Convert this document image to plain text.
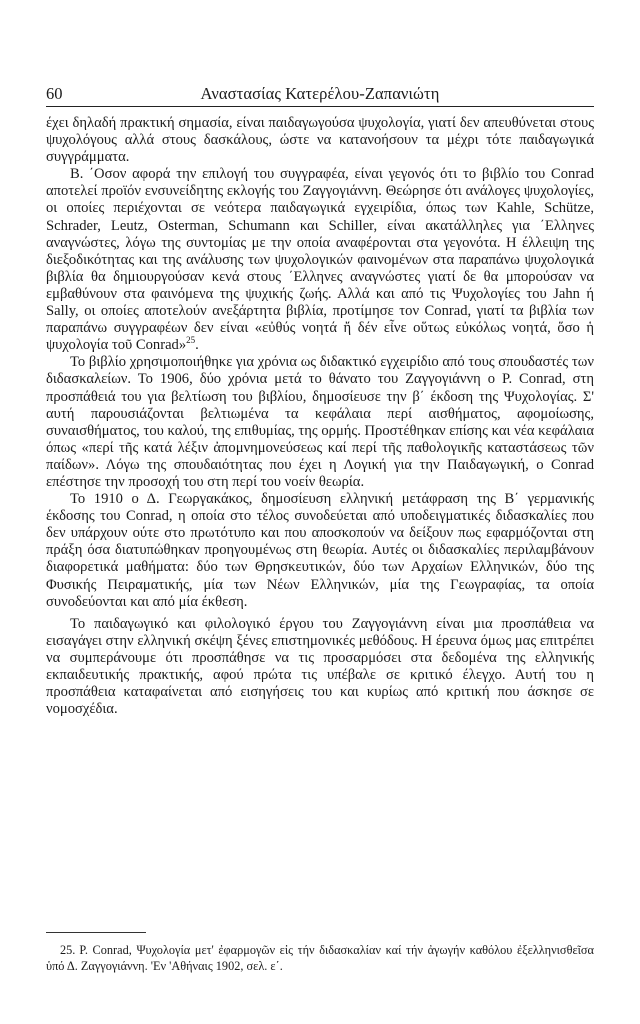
60	Αναστασίας Κατερέλου-Ζαπανιώτη

έχει δηλαδή πρακτική σημασία, είναι παιδαγωγούσα ψυχολογία, γιατί δεν απευθύνεται στους ψυχολόγους αλλά στους δασκάλους, ώστε να κατανοήσουν τα μέχρι τότε παιδαγωγικά συγγράμματα.

Β. ΄Οσον αφορά την επιλογή του συγγραφέα, είναι γεγονός ότι το βιβλίο του Conrad αποτελεί προϊόν ενσυνείδητης εκλογής του Ζαγγογιάννη. Θεώρησε ότι ανάλογες ψυχολογίες, οι οποίες περιέχονται σε νεότερα παιδαγωγικά εγχειρίδια, όπως των Kahle, Schütze, Schrader, Leutz, Osterman, Schumann και Schiller, είναι ακατάλληλες για ΄Ελληνες αναγνώστες, λόγω της συντομίας με την οποία αναφέρονται στα γεγονότα. Η έλλειψη της διεξοδικότητας και της ανάλυσης των ψυχολογικών φαινομένων στα παραπάνω ψυχολογικά βιβλία θα δημιουργούσαν κενά στους ΄Ελληνες αναγνώστες γιατί δε θα μπορούσαν να εμβαθύνουν στα φαινόμενα της ψυχικής ζωής. Αλλά και από τις Ψυχολογίες του Jahn ή Sally, οι οποίες αποτελούν ανεξάρτητα βιβλία, προτίμησε τον Conrad, γιατί τα βιβλία των παραπάνω συγγραφέων δεν είναι «εὐθύς νοητά ἤ δέν εἶνε οὕτως εὐκόλως νοητά, ὅσο ἡ ψυχολογία τοῦ Conrad»$^{25}$.

Το βιβλίο χρησιμοποιήθηκε για χρόνια ως διδακτικό εγχειρίδιο από τους σπουδαστές των διδασκαλείων. Το 1906, δύο χρόνια μετά το θάνατο του Ζαγγογιάννη ο P. Conrad, στη προσπάθειά του για βελτίωση του βιβλίου, δημοσίευσε την β΄ έκδοση της Ψυχολογίας. Σ' αυτή παρουσιάζονται βελτιωμένα τα κεφάλαια περί αισθήματος, αφομοίωσης, συναισθήματος, του καλού, της επιθυμίας, της ορμής. Προστέθηκαν επίσης και νέα κεφάλαια όπως «περί τῆς κατά λέξιν ἀπομνημονεύσεως καί περί τῆς παθολογικῆς καταστάσεως τῶν παίδων». Λόγω της σπουδαιότητας που έχει η Λογική για την Παιδαγωγική, ο Conrad επέστησε την προσοχή του στη περί του νοείν θεωρία.

Το 1910 ο Δ. Γεωργακάκος, δημοσίευση ελληνική μετάφραση της Β΄ γερμανικής έκδοσης του Conrad, η οποία στο τέλος συνοδεύεται από υποδειγματικές διδασκαλίες που δεν υπάρχουν ούτε στο πρωτότυπο και που αποσκοπούν να δείξουν πως εφαρμόζονται στη πράξη όσα διατυπώθηκαν προηγουμένως στη θεωρία. Αυτές οι διδασκαλίες περιλαμβάνουν διαφορετικά μαθήματα: δύο των Θρησκευτικών, δύο των Αρχαίων Ελληνικών, δύο της Φυσικής Πειραματικής, μία των Νέων Ελληνικών, μία της Γεωγραφίας, τα οποία συνοδεύονται και από μία έκθεση.

Το παιδαγωγικό και φιλολογικό έργου του Ζαγγογιάννη είναι μια προσπάθεια να εισαγάγει στην ελληνική σκέψη ξένες επιστημονικές μεθόδους. Η έρευνα όμως μας επιτρέπει να συμπεράνουμε ότι προσπάθησε να τις προσαρμόσει στα δεδομένα της ελληνικής εκπαιδευτικής πρακτικής, αφού πρώτα τις υπέβαλε σε κριτικό έλεγχο. Αυτή του η προσπάθεια καταφαίνεται από εισηγήσεις του και κυρίως από κριτική που άσκησε σε νομοσχέδια.

25. P. Conrad, Ψυχολογία μετ' ἐφαρμογῶν εἰς τήν διδασκαλίαν καί τήν ἀγωγήν καθόλου ἐξελληνισθεῖσα ὑπό Δ. Ζαγγογιάννη. 'Εν 'Αθήναις 1902, σελ. ε΄.
